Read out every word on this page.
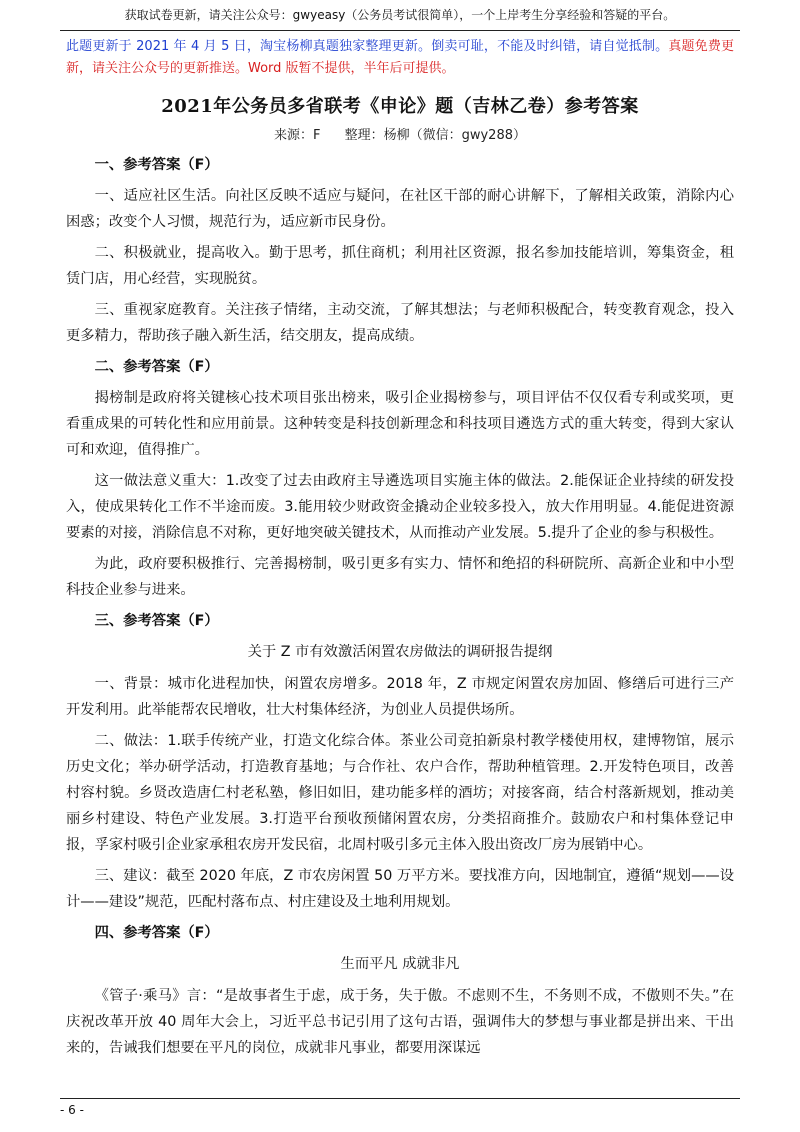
获取试卷更新，请关注公众号：gwyeasy（公务员考试很简单），一个上岸考生分享经验和答疑的平台。
此题更新于 2021 年 4 月 5 日，淘宝杨柳真题独家整理更新。倒卖可耻，不能及时纠错，请自觉抵制。真题免费更新，请关注公众号的更新推送。Word 版暂不提供，半年后可提供。
2021年公务员多省联考《申论》题（吉林乙卷）参考答案
来源：F 整理：杨柳（微信：gwy288）
一、参考答案（F）

一、适应社区生活。向社区反映不适应与疑问，在社区干部的耐心讲解下，了解相关政策，消除内心困惑；改变个人习惯，规范行为，适应新市民身份。

二、积极就业，提高收入。勤于思考，抓住商机；利用社区资源，报名参加技能培训，筹集资金，租赁门店，用心经营，实现脱贫。

三、重视家庭教育。关注孩子情绪，主动交流，了解其想法；与老师积极配合，转变教育观念，投入更多精力，帮助孩子融入新生活，结交朋友，提高成绩。

二、参考答案（F）

揭榜制是政府将关键核心技术项目张出榜来，吸引企业揭榜参与，项目评估不仅仅看专利或奖项，更看重成果的可转化性和应用前景。这种转变是科技创新理念和科技项目遴选方式的重大转变，得到大家认可和欢迎，值得推广。

这一做法意义重大：1.改变了过去由政府主导遴选项目实施主体的做法。2.能保证企业持续的研发投入，使成果转化工作不半途而废。3.能用较少财政资金撬动企业较多投入，放大作用明显。4.能促进资源要素的对接，消除信息不对称，更好地突破关键技术，从而推动产业发展。5.提升了企业的参与积极性。

为此，政府要积极推行、完善揭榜制，吸引更多有实力、情怀和绝招的科研院所、高新企业和中小型科技企业参与进来。

三、参考答案（F）

关于 Z 市有效激活闲置农房做法的调研报告提纲

一、背景：城市化进程加快，闲置农房增多。2018 年，Z 市规定闲置农房加固、修缮后可进行三产开发利用。此举能帮农民增收，壮大村集体经济，为创业人员提供场所。

二、做法：1.联手传统产业，打造文化综合体。茶业公司竞拍新泉村教学楼使用权，建博物馆，展示历史文化；举办研学活动，打造教育基地；与合作社、农户合作，帮助种植管理。2.开发特色项目，改善村容村貌。乡贤改造唐仁村老私塾，修旧如旧，建功能多样的酒坊；对接客商，结合村落新规划，推动美丽乡村建设、特色产业发展。3.打造平台预收预储闲置农房，分类招商推介。鼓励农户和村集体登记申报，孚家村吸引企业家承租农房开发民宿，北周村吸引多元主体入股出资改厂房为展销中心。

三、建议：截至 2020 年底，Z 市农房闲置 50 万平方米。要找准方向，因地制宜，遵循“规划——设计——建设”规范，匹配村落布点、村庄建设及土地利用规划。

四、参考答案（F）

生而平凡 成就非凡

《管子·乘马》言：“是故事者生于虑，成于务，失于傲。不虑则不生，不务则不成，不傲则不失。”在庆祝改革开放 40 周年大会上，习近平总书记引用了这句古语，强调伟大的梦想与事业都是拼出来、干出来的，告诫我们想要在平凡的岗位，成就非凡事业，都要用深谋远

- 6 -
